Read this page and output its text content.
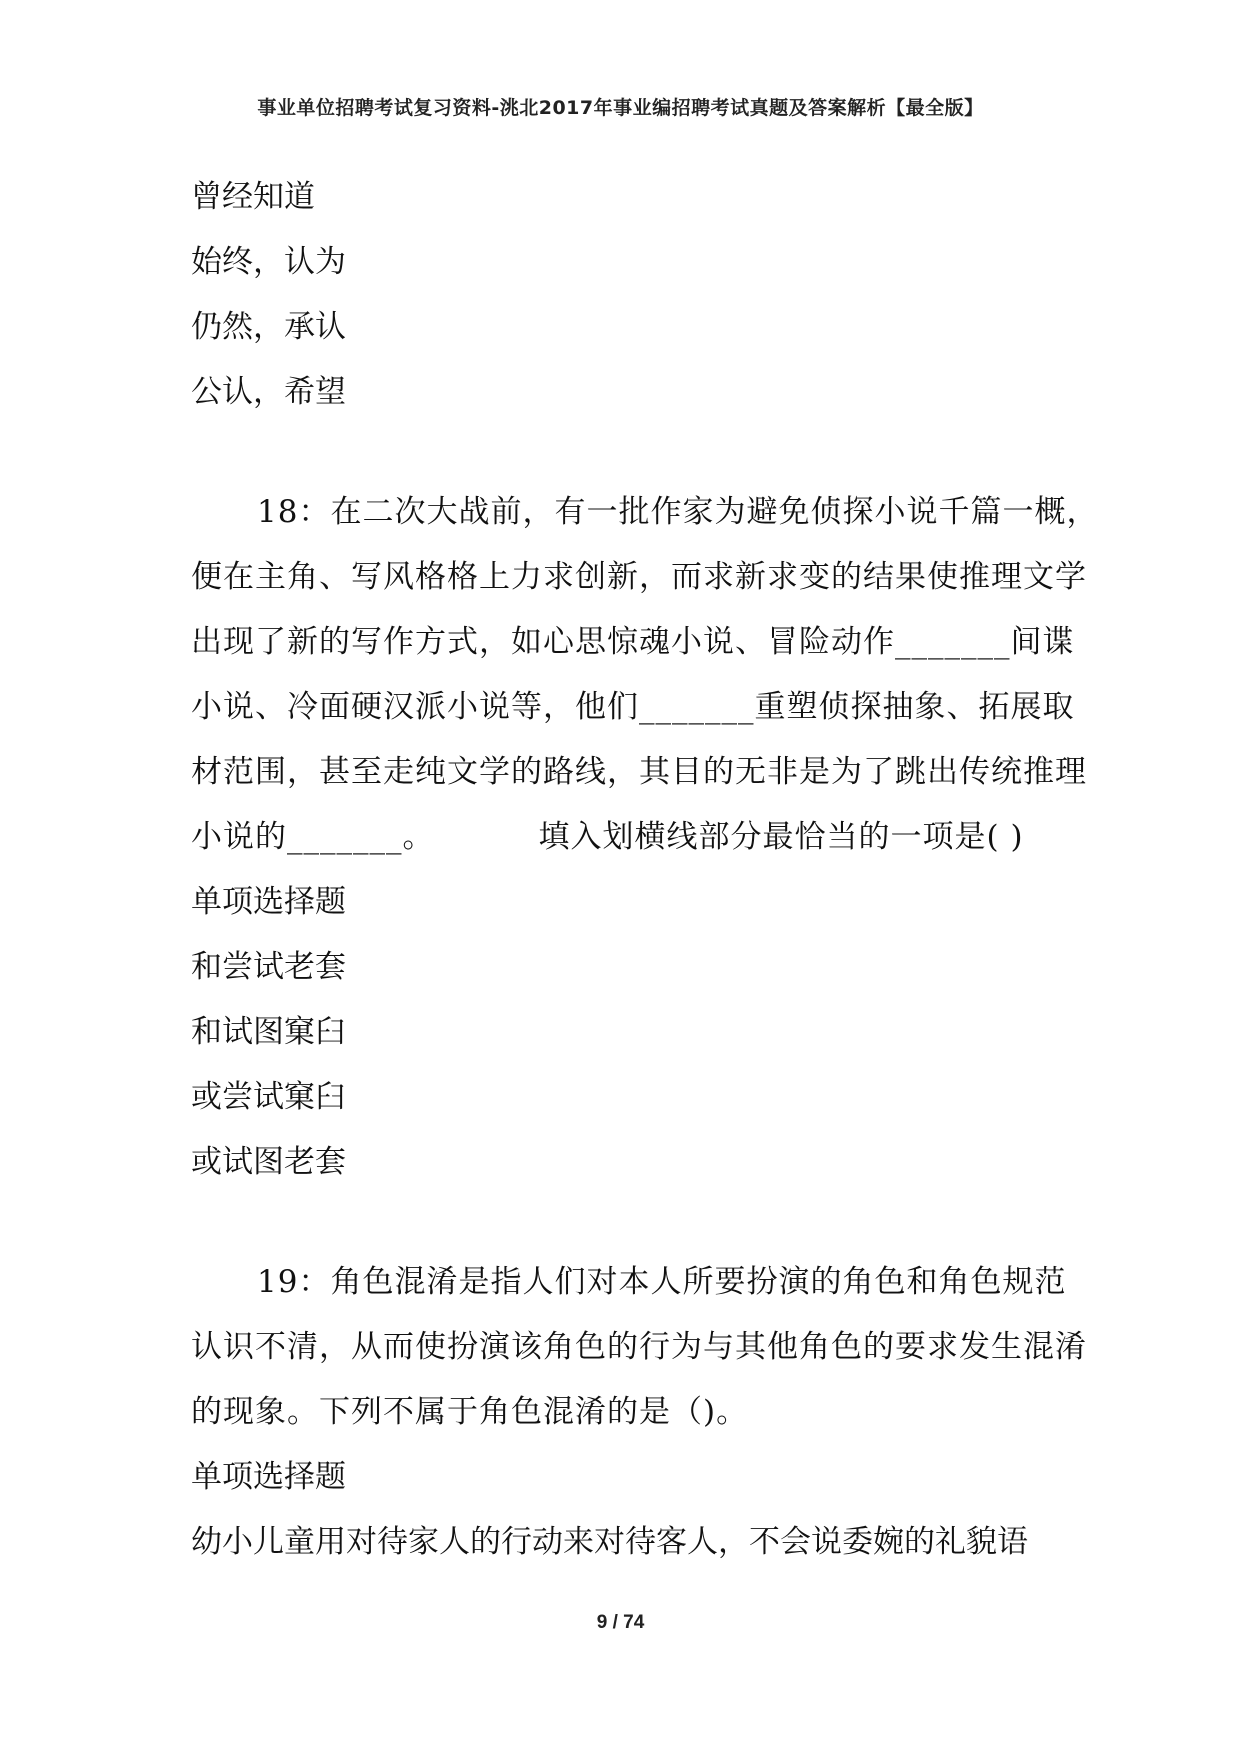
事业单位招聘考试复习资料-洮北2017年事业编招聘考试真题及答案解析【最全版】
曾经知道
始终，认为
仍然，承认
公认，希望
18：在二次大战前，有一批作家为避免侦探小说千篇一概，
便在主角、写风格格上力求创新，而求新求变的结果使推理文学
出现了新的写作方式，如心思惊魂小说、冒险动作_______间谍
小说、冷面硬汉派小说等，他们_______重塑侦探抽象、拓展取
材范围，甚至走纯文学的路线，其目的无非是为了跳出传统推理
小说的_______。	填入划横线部分最恰当的一项是( )
单项选择题
和尝试老套
和试图窠臼
或尝试窠臼
或试图老套
19：角色混淆是指人们对本人所要扮演的角色和角色规范
认识不清，从而使扮演该角色的行为与其他角色的要求发生混淆
的现象。下列不属于角色混淆的是（)。
单项选择题
幼小儿童用对待家人的行动来对待客人，不会说委婉的礼貌语
9 / 74
